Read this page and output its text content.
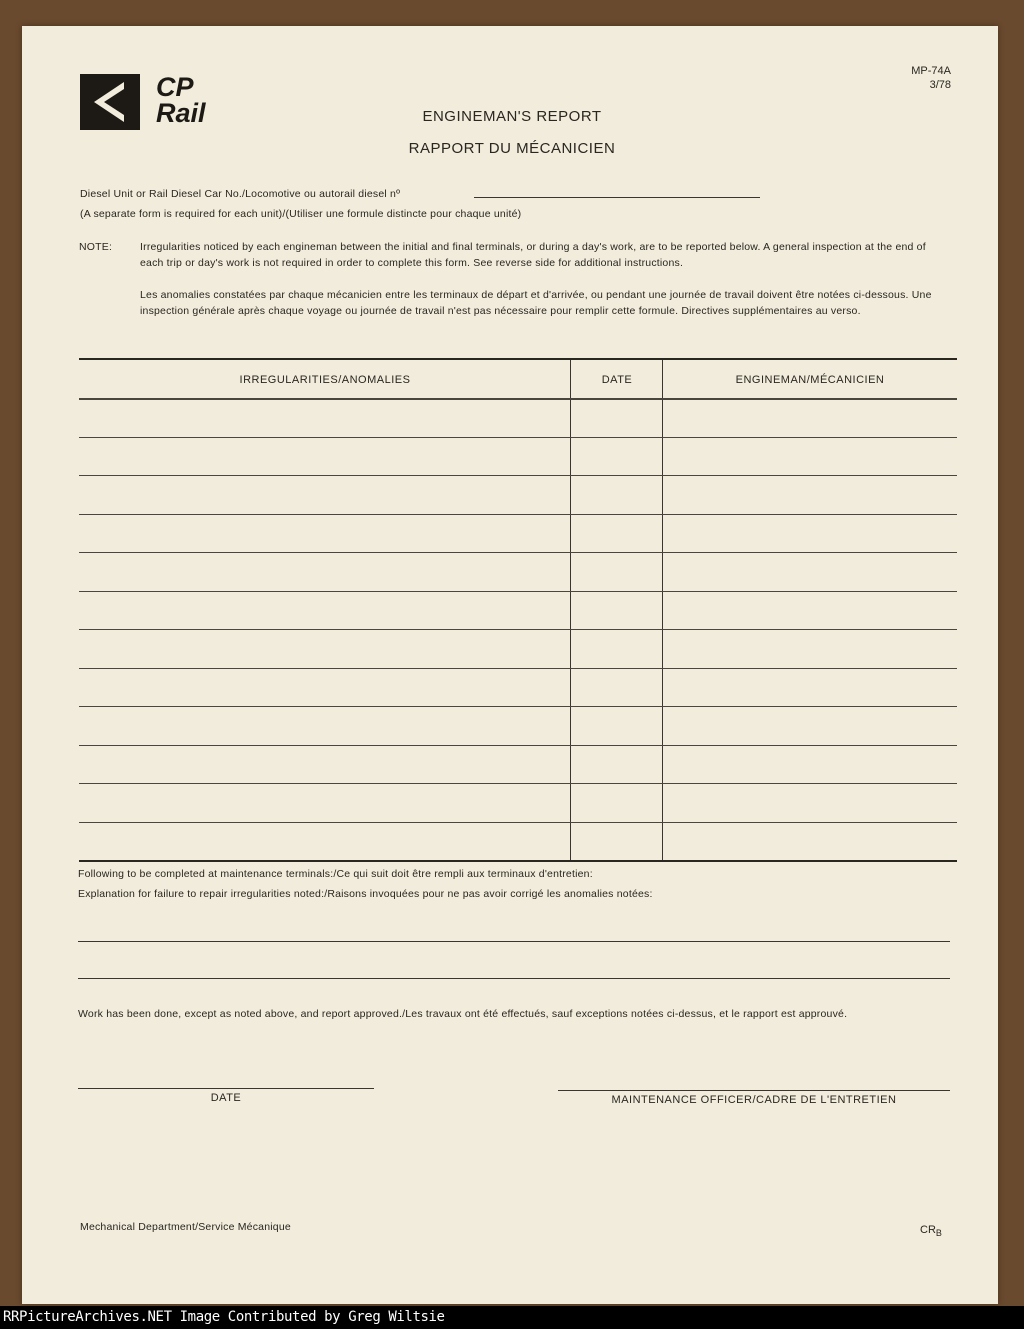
MP-74A
3/78
CP
Rail	ENGINEMAN'S REPORT
RAPPORT DU MÉCANICIEN
Diesel Unit or Rail Diesel Car No./Locomotive ou autorail diesel nº
(A separate form is required for each unit)/(Utiliser une formule distincte pour chaque unité)
NOTE:	Irregularities noticed by each engineman between the initial and final terminals, or during a day's work, are to be reported below. A general inspection at the end of each trip or day's work is not required in order to complete this form. See reverse side for additional instructions.
Les anomalies constatées par chaque mécanicien entre les terminaux de départ et d'arrivée, ou pendant une journée de travail doivent être notées ci-dessous. Une inspection générale après chaque voyage ou journée de travail n'est pas nécessaire pour remplir cette formule. Directives supplémentaires au verso.
IRREGULARITIES/ANOMALIES	DATE	ENGINEMAN/MÉCANICIEN
Following to be completed at maintenance terminals:/Ce qui suit doit être rempli aux terminaux d'entretien:
Explanation for failure to repair irregularities noted:/Raisons invoquées pour ne pas avoir corrigé les anomalies notées:
Work has been done, except as noted above, and report approved./Les travaux ont été effectués, sauf exceptions notées ci-dessus, et le rapport est approuvé.
DATE	MAINTENANCE OFFICER/CADRE DE L'ENTRETIEN
Mechanical Department/Service Mécanique	$CR_B$
RRPictureArchives.NET Image Contributed by Greg Wiltsie
